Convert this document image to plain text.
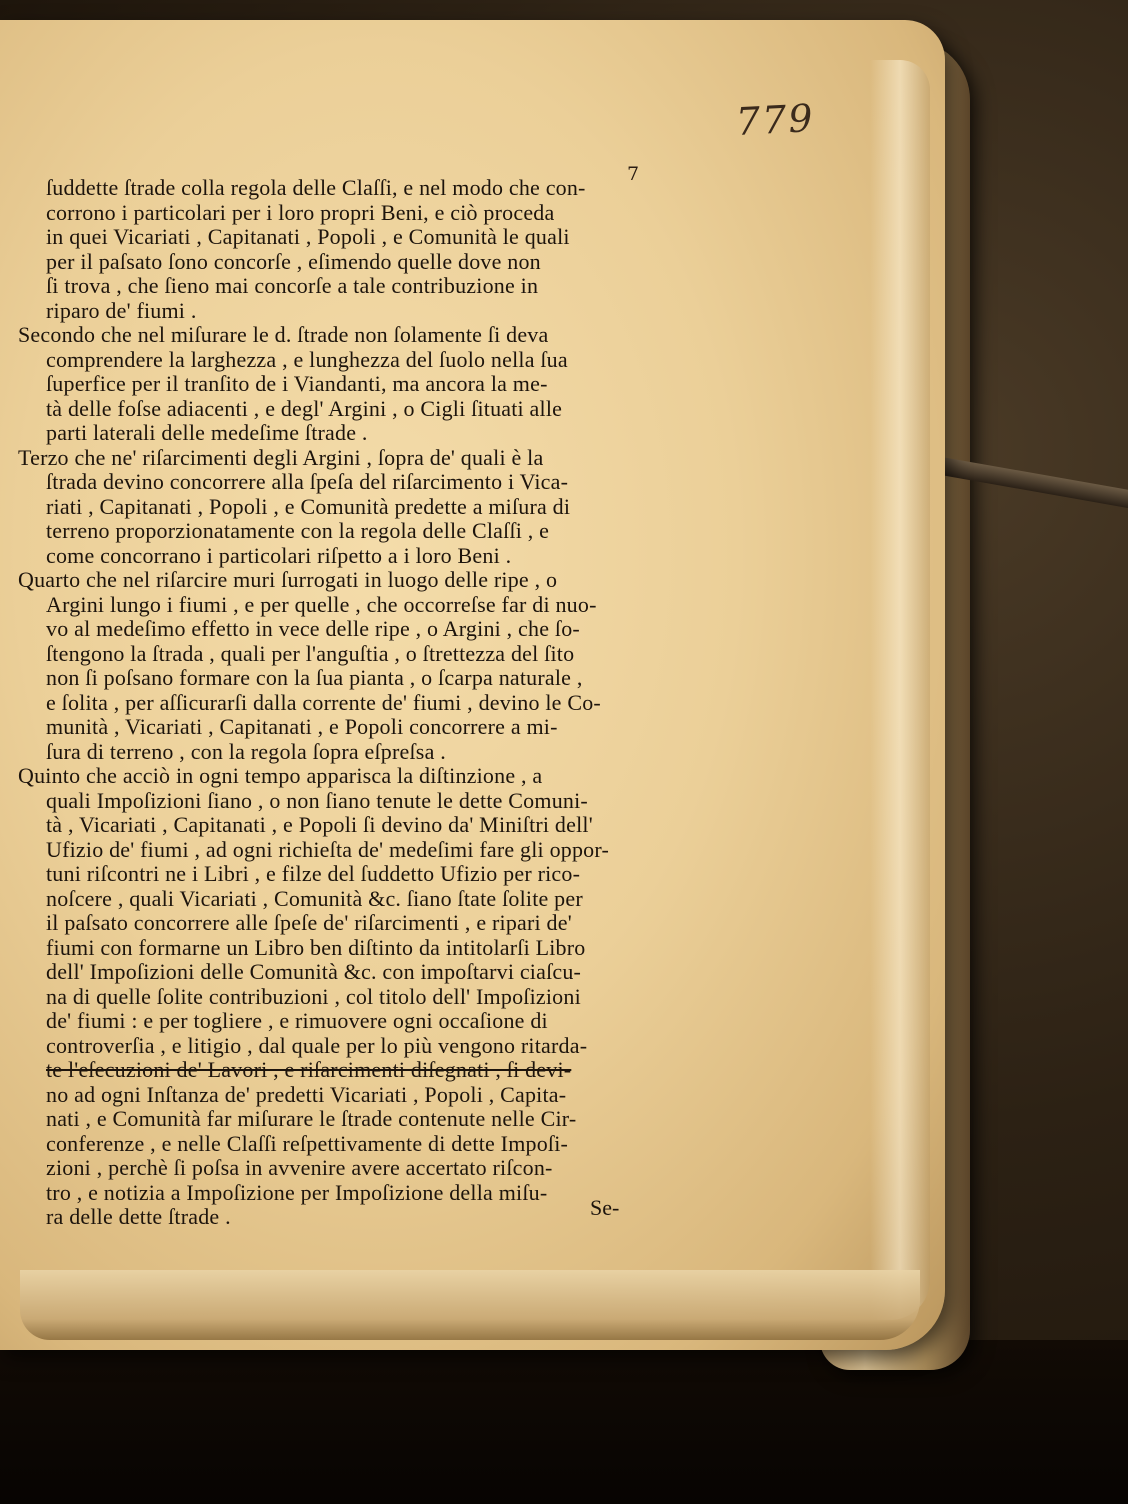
779
7
ſuddette ſtrade colla regola delle Claſſi, e nel modo che con-
corrono i particolari per i loro propri Beni, e ciò proceda
in quei Vicariati , Capitanati , Popoli , e Comunità le quali
per il paſsato ſono concorſe , eſimendo quelle dove non
ſi trova , che ſieno mai concorſe a tale contribuzione in
riparo de' fiumi .
Secondo che nel miſurare le d. ſtrade non ſolamente ſi deva
comprendere la larghezza , e lunghezza del ſuolo nella ſua
ſuperfice per il tranſito de i Viandanti, ma ancora la me-
tà delle foſse adiacenti , e degl' Argini , o Cigli ſituati alle
parti laterali delle medeſime ſtrade .
Terzo che ne' riſarcimenti degli Argini , ſopra de' quali è la
ſtrada devino concorrere alla ſpeſa del riſarcimento i Vica-
riati , Capitanati , Popoli , e Comunità predette a miſura di
terreno proporzionatamente con la regola delle Claſſi , e
come concorrano i particolari riſpetto a i loro Beni .
Quarto che nel riſarcire muri ſurrogati in luogo delle ripe , o
Argini lungo i fiumi , e per quelle , che occorreſse far di nuo-
vo al medeſimo effetto in vece delle ripe , o Argini , che ſo-
ſtengono la ſtrada , quali per l'anguſtia , o ſtrettezza del ſito
non ſi poſsano formare con la ſua pianta , o ſcarpa naturale ,
e ſolita , per aſſicurarſi dalla corrente de' fiumi , devino le Co-
munità , Vicariati , Capitanati , e Popoli concorrere a mi-
ſura di terreno , con la regola ſopra eſpreſsa .
Quinto che acciò in ogni tempo apparisca la diſtinzione , a
quali Impoſizioni ſiano , o non ſiano tenute le dette Comuni-
tà , Vicariati , Capitanati , e Popoli ſi devino da' Miniſtri dell'
Ufizio de' fiumi , ad ogni richieſta de' medeſimi fare gli oppor-
tuni riſcontri ne i Libri , e filze del ſuddetto Ufizio per rico-
noſcere , quali Vicariati , Comunità &c. ſiano ſtate ſolite per
il paſsato concorrere alle ſpeſe de' riſarcimenti , e ripari de'
fiumi con formarne un Libro ben diſtinto da intitolarſi Libro
dell' Impoſizioni delle Comunità &c. con impoſtarvi ciaſcu-
na di quelle ſolite contribuzioni , col titolo dell' Impoſizioni
de' fiumi : e per togliere , e rimuovere ogni occaſione di
controverſia , e litigio , dal quale per lo più vengono ritarda-
te l'eſecuzioni de' Lavori , e riſarcimenti diſegnati , ſi devi-
no ad ogni Inſtanza de' predetti Vicariati , Popoli , Capita-
nati , e Comunità far miſurare le ſtrade contenute nelle Cir-
conferenze , e nelle Claſſi reſpettivamente di dette Impoſi-
zioni , perchè ſi poſsa in avvenire avere accertato riſcon-
tro , e notizia a Impoſizione per Impoſizione della miſu-
ra delle dette ſtrade .	Se-
